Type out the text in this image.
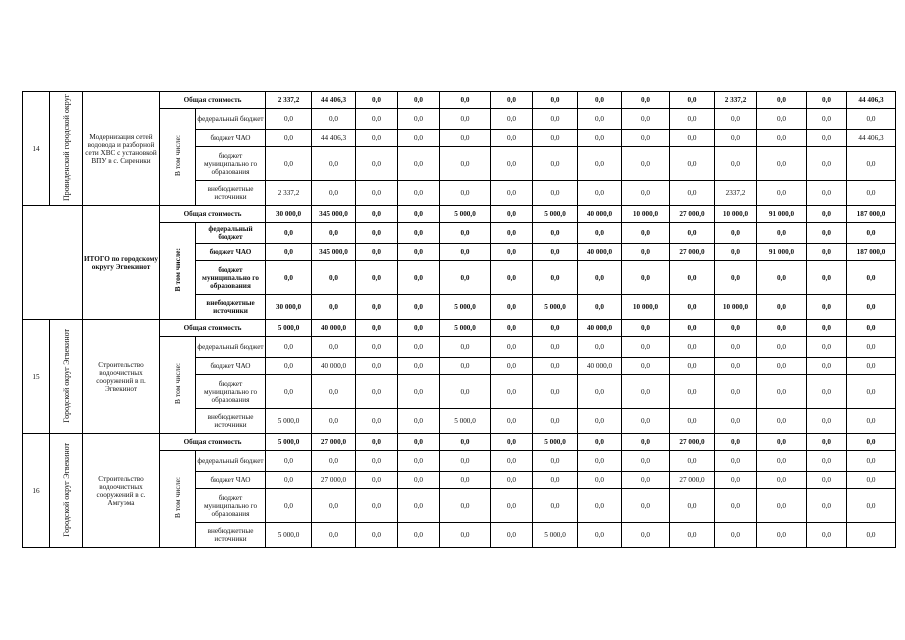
14	Провиденский городской округ	Модернизация сетей водовода и разборной сети ХВС с установкой ВПУ в с. Сиреники	Общая стоимость		2 337,2	44 406,3	0,0	0,0	0,0	0,0	0,0	0,0	0,0	0,0	2 337,2	0,0	0,0	44 406,3
			В том числе:	федеральный бюджет	0,0	0,0	0,0	0,0	0,0	0,0	0,0	0,0	0,0	0,0	0,0	0,0	0,0	0,0
				бюджет ЧАО	0,0	44 406,3	0,0	0,0	0,0	0,0	0,0	0,0	0,0	0,0	0,0	0,0	0,0	44 406,3
				бюджет муниципально го образования	0,0	0,0	0,0	0,0	0,0	0,0	0,0	0,0	0,0	0,0	0,0	0,0	0,0	0,0
				внебюджетные источники	2 337,2	0,0	0,0	0,0	0,0	0,0	0,0	0,0	0,0	0,0	2337,2	0,0	0,0	0,0
		ИТОГО по городскому округу Эгвекинот	Общая стоимость		30 000,0	345 000,0	0,0	0,0	5 000,0	0,0	5 000,0	40 000,0	10 000,0	27 000,0	10 000,0	91 000,0	0,0	187 000,0
			В том числе:	федеральный бюджет	0,0	0,0	0,0	0,0	0,0	0,0	0,0	0,0	0,0	0,0	0,0	0,0	0,0	0,0
				бюджет ЧАО	0,0	345 000,0	0,0	0,0	0,0	0,0	0,0	40 000,0	0,0	27 000,0	0,0	91 000,0	0,0	187 000,0
				бюджет муниципально го образования	0,0	0,0	0,0	0,0	0,0	0,0	0,0	0,0	0,0	0,0	0,0	0,0	0,0	0,0
				внебюджетные источники	30 000,0	0,0	0,0	0,0	5 000,0	0,0	5 000,0	0,0	10 000,0	0,0	10 000,0	0,0	0,0	0,0
15	Городской округ Эгвекинот	Строительство водоочистных сооружений в п. Эгвекинот	Общая стоимость		5 000,0	40 000,0	0,0	0,0	5 000,0	0,0	0,0	40 000,0	0,0	0,0	0,0	0,0	0,0	0,0
			В том числе:	федеральный бюджет	0,0	0,0	0,0	0,0	0,0	0,0	0,0	0,0	0,0	0,0	0,0	0,0	0,0	0,0
				бюджет ЧАО	0,0	40 000,0	0,0	0,0	0,0	0,0	0,0	40 000,0	0,0	0,0	0,0	0,0	0,0	0,0
				бюджет муниципально го образования	0,0	0,0	0,0	0,0	0,0	0,0	0,0	0,0	0,0	0,0	0,0	0,0	0,0	0,0
				внебюджетные источники	5 000,0	0,0	0,0	0,0	5 000,0	0,0	0,0	0,0	0,0	0,0	0,0	0,0	0,0	0,0
16	Городской округ Эгвекинот	Строительство водоочистных сооружений в с. Амгуэма	Общая стоимость		5 000,0	27 000,0	0,0	0,0	0,0	0,0	5 000,0	0,0	0,0	27 000,0	0,0	0,0	0,0	0,0
			В том числе:	федеральный бюджет	0,0	0,0	0,0	0,0	0,0	0,0	0,0	0,0	0,0	0,0	0,0	0,0	0,0	0,0
				бюджет ЧАО	0,0	27 000,0	0,0	0,0	0,0	0,0	0,0	0,0	0,0	27 000,0	0,0	0,0	0,0	0,0
				бюджет муниципально го образования	0,0	0,0	0,0	0,0	0,0	0,0	0,0	0,0	0,0	0,0	0,0	0,0	0,0	0,0
				внебюджетные источники	5 000,0	0,0	0,0	0,0	0,0	0,0	5 000,0	0,0	0,0	0,0	0,0	0,0	0,0	0,0
